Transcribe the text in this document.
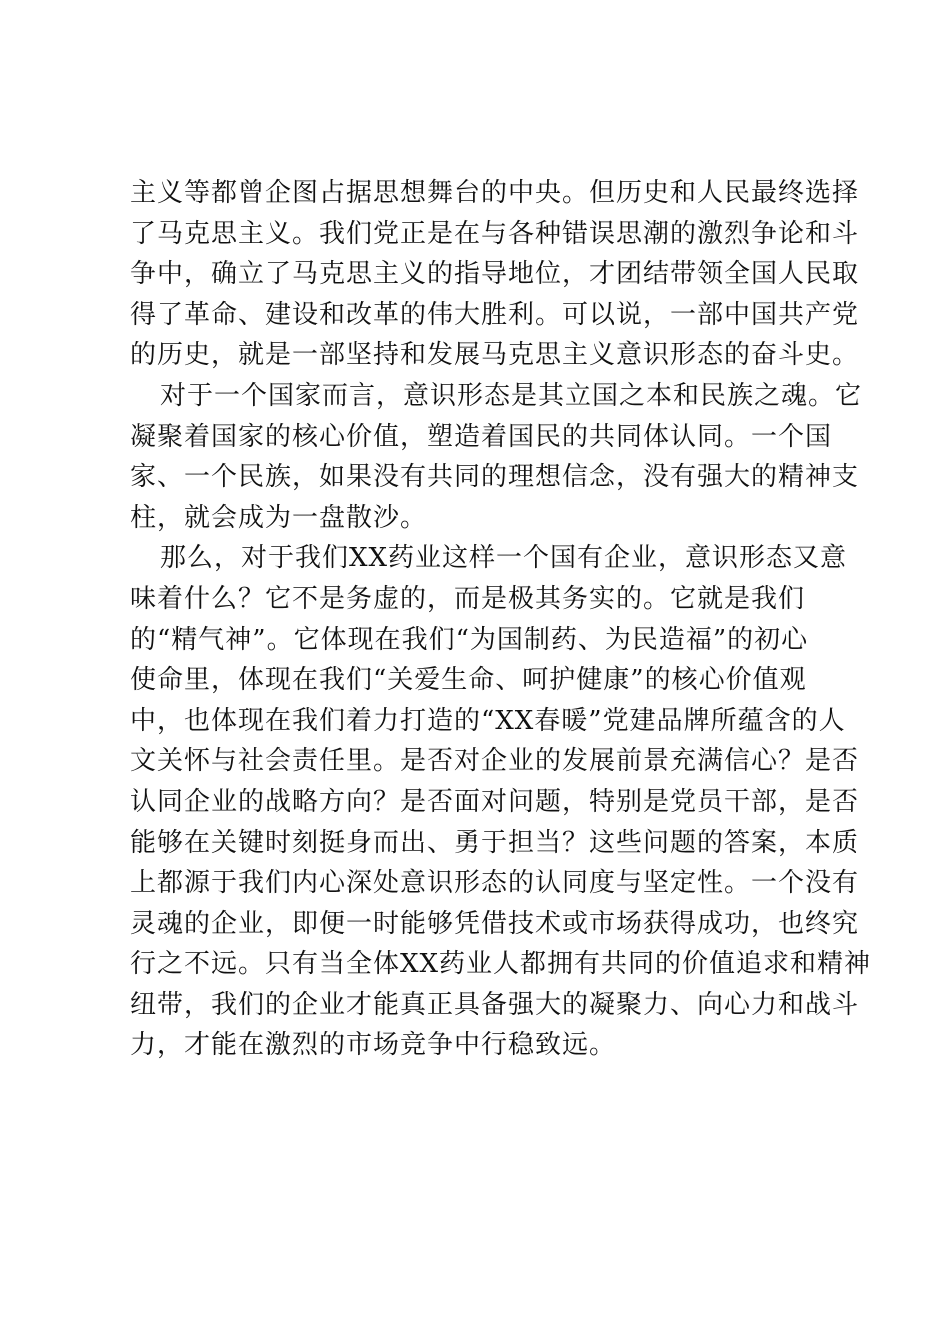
主义等都曾企图占据思想舞台的中央。但历史和人民最终选择
了马克思主义。我们党正是在与各种错误思潮的激烈争论和斗
争中，确立了马克思主义的指导地位，才团结带领全国人民取
得了革命、建设和改革的伟大胜利。可以说，一部中国共产党
的历史，就是一部坚持和发展马克思主义意识形态的奋斗史。
对于一个国家而言，意识形态是其立国之本和民族之魂。它
凝聚着国家的核心价值，塑造着国民的共同体认同。一个国
家、一个民族，如果没有共同的理想信念，没有强大的精神支
柱，就会成为一盘散沙。
那么，对于我们XX药业这样一个国有企业，意识形态又意
味着什么？它不是务虚的，而是极其务实的。它就是我们
的“精气神”。它体现在我们“为国制药、为民造福”的初心
使命里，体现在我们“关爱生命、呵护健康”的核心价值观
中，也体现在我们着力打造的“XX春暖”党建品牌所蕴含的人
文关怀与社会责任里。是否对企业的发展前景充满信心？是否
认同企业的战略方向？是否面对问题，特别是党员干部，是否
能够在关键时刻挺身而出、勇于担当？这些问题的答案，本质
上都源于我们内心深处意识形态的认同度与坚定性。一个没有
灵魂的企业，即便一时能够凭借技术或市场获得成功，也终究
行之不远。只有当全体XX药业人都拥有共同的价值追求和精神
纽带，我们的企业才能真正具备强大的凝聚力、向心力和战斗
力，才能在激烈的市场竞争中行稳致远。
